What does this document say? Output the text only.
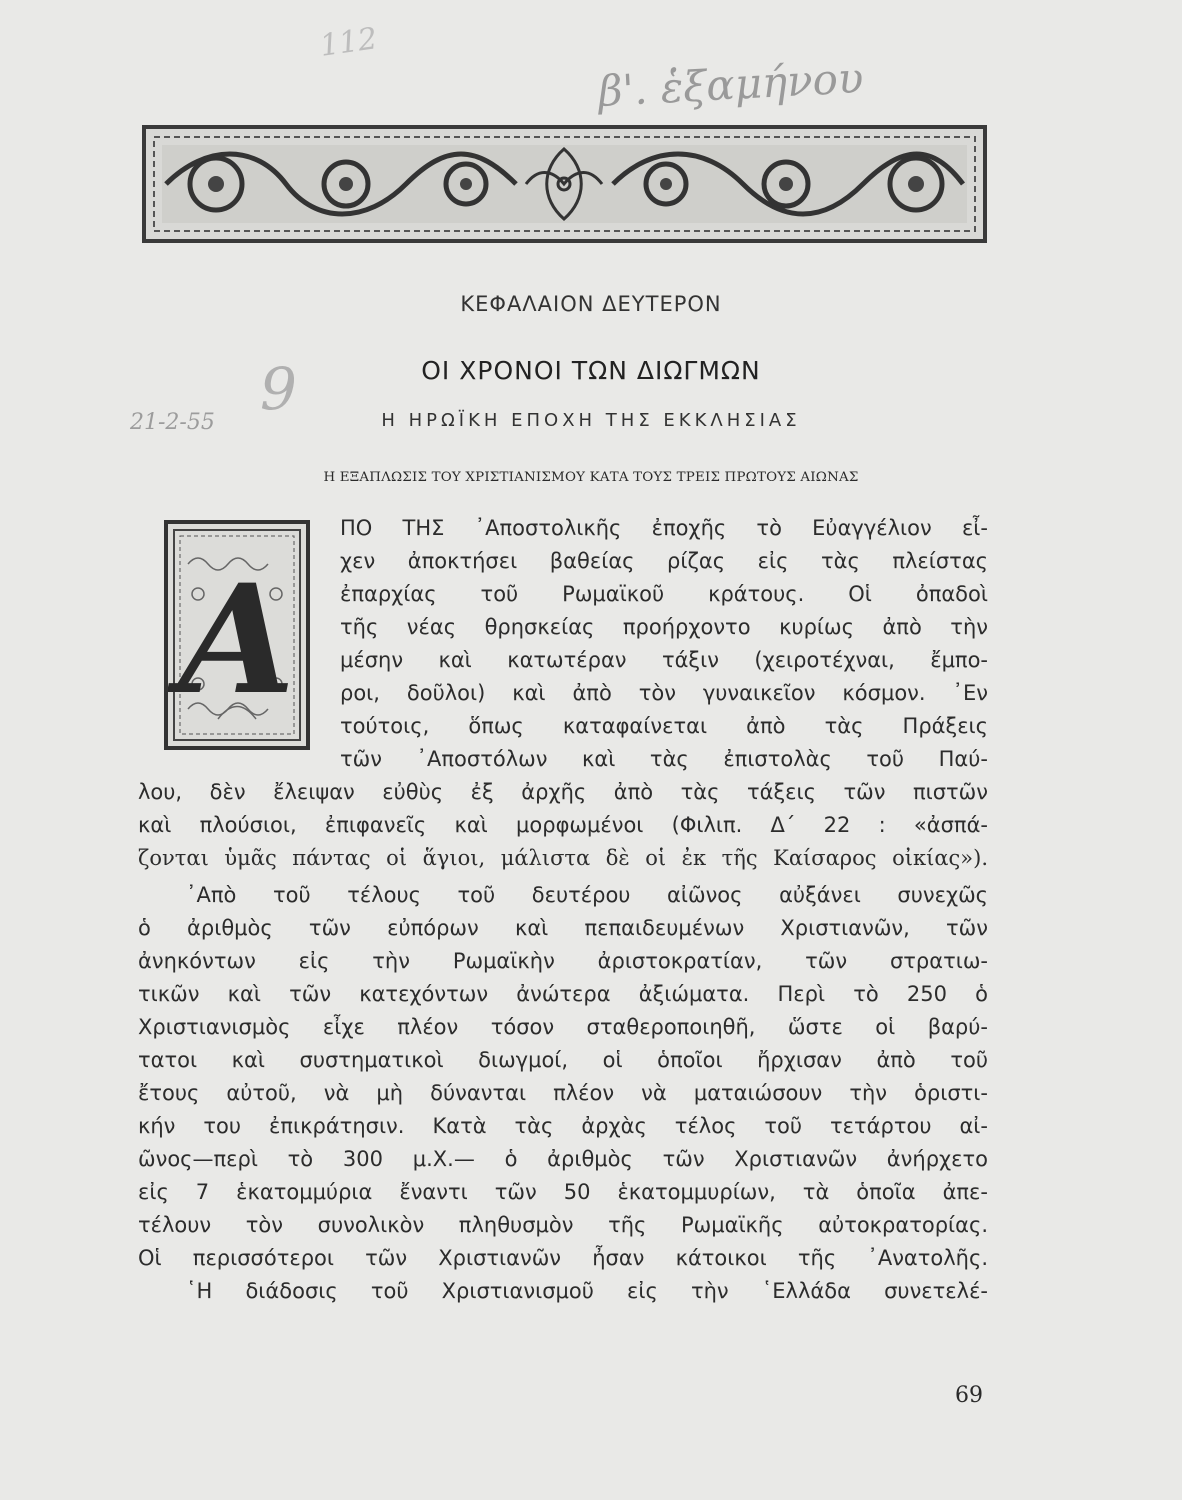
112
β'. ἑξαμήνου
9
21-2-55
ΚΕΦΑΛΑΙΟΝ ΔΕΥΤΕΡΟΝ
ΟΙ ΧΡΟΝΟΙ ΤΩΝ ΔΙΩΓΜΩΝ
Η ΗΡΩΪΚΗ ΕΠΟΧΗ ΤΗΣ ΕΚΚΛΗΣΙΑΣ
Η ΕΞΑΠΛΩΣΙΣ ΤΟΥ ΧΡΙΣΤΙΑΝΙΣΜΟΥ ΚΑΤΑ ΤΟΥΣ ΤΡΕΙΣ ΠΡΩΤΟΥΣ ΑΙΩΝΑΣ
Α
ΠΟ ΤΗΣ ᾽Αποστολικῆς ἐποχῆς τὸ Εὐαγγέλιον εἶ-
χεν ἀποκτήσει βαθείας ρίζας εἰς τὰς πλείστας
ἐπαρχίας τοῦ Ρωμαϊκοῦ κράτους. Οἱ ὀπαδοὶ
τῆς νέας θρησκείας προήρχοντο κυρίως ἀπὸ τὴν
μέσην καὶ κατωτέραν τάξιν (χειροτέχναι, ἔμπο-
ροι, δοῦλοι) καὶ ἀπὸ τὸν γυναικεῖον κόσμον. ᾽Εν
τούτοις, ὅπως καταφαίνεται ἀπὸ τὰς Πράξεις
τῶν ᾽Αποστόλων καὶ τὰς ἐπιστολὰς τοῦ Παύ-
λου, δὲν ἔλειψαν εὐθὺς ἐξ ἀρχῆς ἀπὸ τὰς τάξεις τῶν πιστῶν
καὶ πλούσιοι, ἐπιφανεῖς καὶ μορφωμένοι (Φιλιπ. Δ΄ 22 : «ἀσπά-
ζονται ὑμᾶς πάντας οἱ ἅγιοι, μάλιστα δὲ οἱ ἐκ τῆς Καίσαρος οἰκίας»).
᾽Απὸ τοῦ τέλους τοῦ δευτέρου αἰῶνος αὐξάνει συνεχῶς
ὁ ἀριθμὸς τῶν εὐπόρων καὶ πεπαιδευμένων Χριστιανῶν, τῶν
ἀνηκόντων εἰς τὴν Ρωμαϊκὴν ἀριστοκρατίαν, τῶν στρατιω-
τικῶν καὶ τῶν κατεχόντων ἀνώτερα ἀξιώματα. Περὶ τὸ 250 ὁ
Χριστιανισμὸς εἶχε πλέον τόσον σταθεροποιηθῆ, ὥστε οἱ βαρύ-
τατοι καὶ συστηματικοὶ διωγμοί, οἱ ὁποῖοι ἤρχισαν ἀπὸ τοῦ
ἔτους αὐτοῦ, νὰ μὴ δύνανται πλέον νὰ ματαιώσουν τὴν ὁριστι-
κήν του ἐπικράτησιν. Κατὰ τὰς ἀρχὰς τέλος τοῦ τετάρτου αἰ-
ῶνος—περὶ τὸ 300 μ.Χ.— ὁ ἀριθμὸς τῶν Χριστιανῶν ἀνήρχετο
εἰς 7 ἑκατομμύρια ἔναντι τῶν 50 ἑκατομμυρίων, τὰ ὁποῖα ἀπε-
τέλουν τὸν συνολικὸν πληθυσμὸν τῆς Ρωμαϊκῆς αὐτοκρατορίας.
Οἱ περισσότεροι τῶν Χριστιανῶν ἦσαν κάτοικοι τῆς ᾽Ανατολῆς.
῾Η διάδοσις τοῦ Χριστιανισμοῦ εἰς τὴν ῾Ελλάδα συνετελέ-
69
